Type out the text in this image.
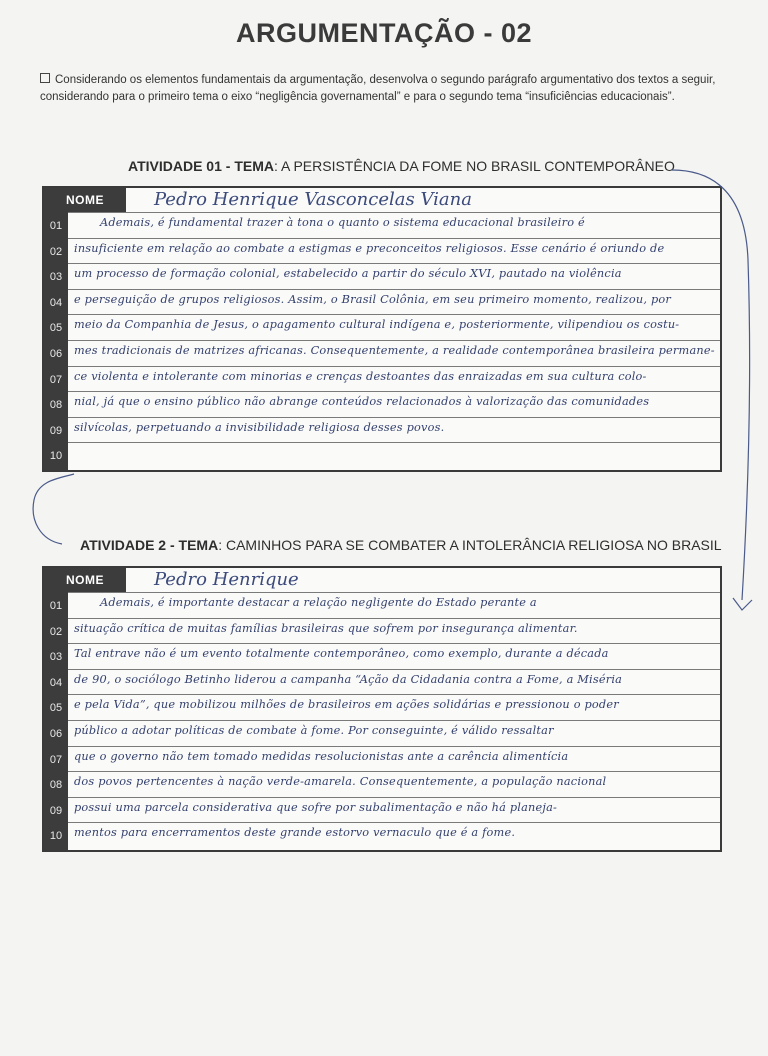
ARGUMENTAÇÃO - 02
Considerando os elementos fundamentais da argumentação, desenvolva o segundo parágrafo argumentativo dos textos a seguir,
considerando para o primeiro tema o eixo “negligência governamental” e para o segundo tema “insuficiências educacionais”.
ATIVIDADE 01 - TEMA: A PERSISTÊNCIA DA FOME NO BRASIL CONTEMPORÂNEO
NOME	Pedro Henrique Vasconcelas Viana
01	Ademais, é fundamental trazer à tona o quanto o sistema educacional brasileiro é
02	insuficiente em relação ao combate a estigmas e preconceitos religiosos. Esse cenário é oriundo de
03	um processo de formação colonial, estabelecido a partir do século XVI, pautado na violência
04	e perseguição de grupos religiosos. Assim, o Brasil Colônia, em seu primeiro momento, realizou, por
05	meio da Companhia de Jesus, o apagamento cultural indígena e, posteriormente, vilipendiou os costu-
06	mes tradicionais de matrizes africanas. Consequentemente, a realidade contemporânea brasileira permane-
07	ce violenta e intolerante com minorias e crenças destoantes das enraizadas em sua cultura colo-
08	nial, já que o ensino público não abrange conteúdos relacionados à valorização das comunidades
09	silvícolas, perpetuando a invisibilidade religiosa desses povos.
10
ATIVIDADE 2 - TEMA: CAMINHOS PARA SE COMBATER A INTOLERÂNCIA RELIGIOSA NO BRASIL
NOME	Pedro Henrique
01	Ademais, é importante destacar a relação negligente do Estado perante a
02	situação crítica de muitas famílias brasileiras que sofrem por insegurança alimentar.
03	Tal entrave não é um evento totalmente contemporâneo, como exemplo, durante a década
04	de 90, o sociólogo Betinho liderou a campanha “Ação da Cidadania contra a Fome, a Miséria
05	e pela Vida”, que mobilizou milhões de brasileiros em ações solidárias e pressionou o poder
06	público a adotar políticas de combate à fome. Por conseguinte, é válido ressaltar
07	que o governo não tem tomado medidas resolucionistas ante a carência alimentícia
08	dos povos pertencentes à nação verde-amarela. Consequentemente, a população nacional
09	possui uma parcela considerativa que sofre por subalimentação e não há planeja-
10	mentos para encerramentos deste grande estorvo vernaculo que é a fome.
